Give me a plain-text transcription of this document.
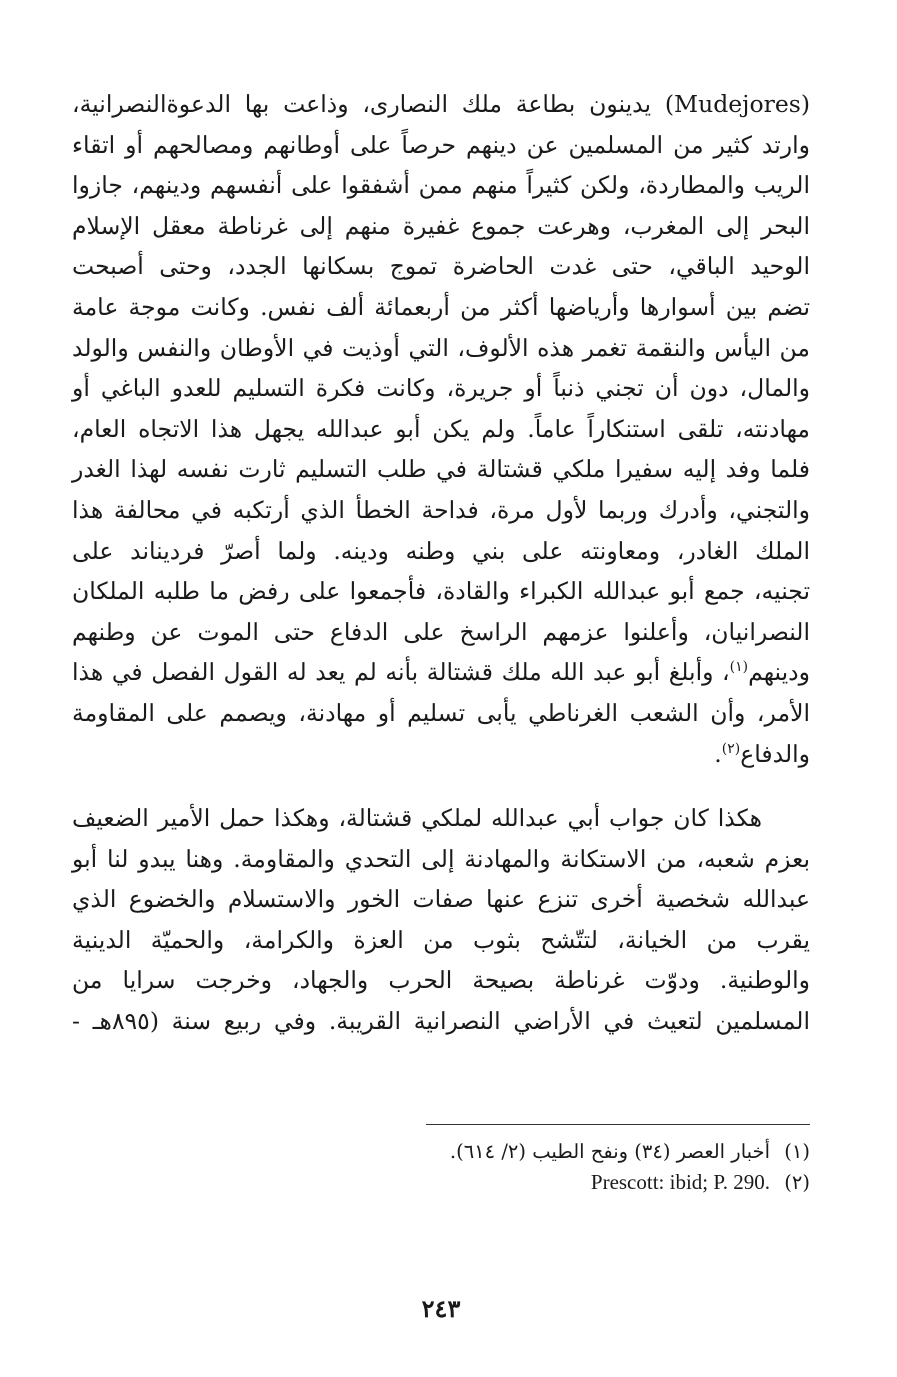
(Mudejores) يدينون بطاعة ملك النصارى، وذاعت بها الدعوةالنصرانية،
وارتد كثير من المسلمين عن دينهم حرصاً على أوطانهم ومصالحهم أو اتقاء
الريب والمطاردة، ولكن كثيراً منهم ممن أشفقوا على أنفسهم ودينهم، جازوا
البحر إلى المغرب، وهرعت جموع غفيرة منهم إلى غرناطة معقل الإسلام
الوحيد الباقي، حتى غدت الحاضرة تموج بسكانها الجدد، وحتى أصبحت
تضم بين أسوارها وأرياضها أكثر من أربعمائة ألف نفس. وكانت موجة عامة
من اليأس والنقمة تغمر هذه الألوف، التي أوذيت في الأوطان والنفس والولد
والمال، دون أن تجني ذنباً أو جريرة، وكانت فكرة التسليم للعدو الباغي أو
مهادنته، تلقى استنكاراً عاماً. ولم يكن أبو عبدالله يجهل هذا الاتجاه العام،
فلما وفد إليه سفيرا ملكي قشتالة في طلب التسليم ثارت نفسه لهذا الغدر
والتجني، وأدرك وربما لأول مرة، فداحة الخطأ الذي أرتكبه في محالفة هذا
الملك الغادر، ومعاونته على بني وطنه ودينه. ولما أصرّ فرديناند على
تجنيه، جمع أبو عبدالله الكبراء والقادة، فأجمعوا على رفض ما طلبه الملكان
النصرانيان، وأعلنوا عزمهم الراسخ على الدفاع حتى الموت عن وطنهم
ودينهم$^{(١)}$، وأبلغ أبو عبد الله ملك قشتالة بأنه لم يعد له القول الفصل في هذا
الأمر، وأن الشعب الغرناطي يأبى تسليم أو مهادنة، ويصمم على المقاومة
والدفاع$^{(٢)}$.

هكذا كان جواب أبي عبدالله لملكي قشتالة، وهكذا حمل الأمير الضعيف
بعزم شعبه، من الاستكانة والمهادنة إلى التحدي والمقاومة. وهنا يبدو لنا أبو
عبدالله شخصية أخرى تنزع عنها صفات الخور والاستسلام والخضوع الذي
يقرب من الخيانة، لتتّشح بثوب من العزة والكرامة، والحميّة الدينية
والوطنية. ودوّت غرناطة بصيحة الحرب والجهاد، وخرجت سرايا من
المسلمين لتعيث في الأراضي النصرانية القريبة. وفي ربيع سنة (٨٩٥هـ -

(١)أخبار العصر (٣٤) ونفح الطيب (٢/ ٦١٤).
(٢)Prescott: ibid; P. 290.
٢٤٣
